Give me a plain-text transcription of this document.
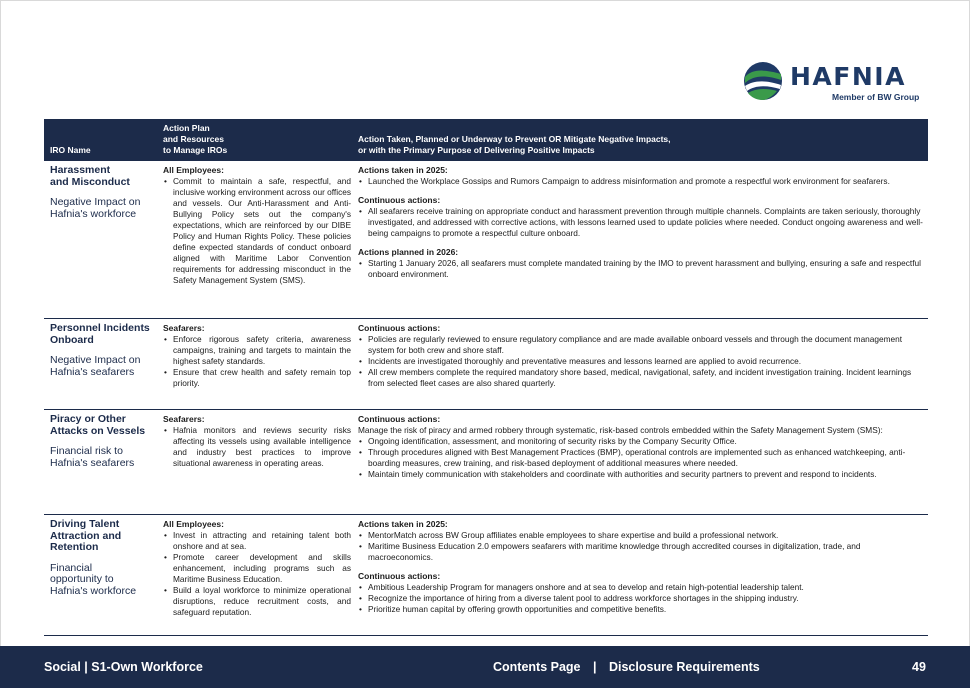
HAFNIA
Member of BW Group
IRO Name
Action Plan
and Resources
to Manage IROs
Action Taken, Planned or Underway to Prevent OR Mitigate Negative Impacts,
or with the Primary Purpose of Delivering Positive Impacts
Harassment
and Misconduct
Negative Impact on
Hafnia's workforce
All Employees:
• Commit to maintain a safe, respectful, and inclusive working environment across our offices and vessels. Our Anti-Harassment and Anti-Bullying Policy sets out the company's expectations, which are reinforced by our DIBE Policy and Human Rights Policy. These policies define expected standards of conduct onboard aligned with Maritime Labor Convention requirements for addressing misconduct in the Safety Management System (SMS).
Actions taken in 2025:
• Launched the Workplace Gossips and Rumors Campaign to address misinformation and promote a respectful work environment for seafarers.
Continuous actions:
• All seafarers receive training on appropriate conduct and harassment prevention through multiple channels. Complaints are taken seriously, thoroughly investigated, and addressed with corrective actions, with lessons learned used to update policies where needed. Conduct ongoing awareness and well-being campaigns to promote a respectful culture onboard.
Actions planned in 2026:
• Starting 1 January 2026, all seafarers must complete mandated training by the IMO to prevent harassment and bullying, ensuring a safe and respectful onboard environment.
Personnel Incidents
Onboard
Negative Impact on
Hafnia's seafarers
Seafarers:
• Enforce rigorous safety criteria, awareness campaigns, training and targets to maintain the highest safety standards.
• Ensure that crew health and safety remain top priority.
Continuous actions:
• Policies are regularly reviewed to ensure regulatory compliance and are made available onboard vessels and through the document management system for both crew and shore staff.
• Incidents are investigated thoroughly and preventative measures and lessons learned are applied to avoid recurrence.
• All crew members complete the required mandatory shore based, medical, navigational, safety, and incident investigation training. Incident learnings from selected fleet cases are also shared quarterly.
Piracy or Other
Attacks on Vessels
Financial risk to
Hafnia's seafarers
Seafarers:
• Hafnia monitors and reviews security risks affecting its vessels using available intelligence and industry best practices to improve situational awareness in operating areas.
Continuous actions:
Manage the risk of piracy and armed robbery through systematic, risk-based controls embedded within the Safety Management System (SMS):
• Ongoing identification, assessment, and monitoring of security risks by the Company Security Office.
• Through procedures aligned with Best Management Practices (BMP), operational controls are implemented such as enhanced watchkeeping, anti-boarding measures, crew training, and risk-based deployment of additional measures where needed.
• Maintain timely communication with stakeholders and coordinate with authorities and security partners to prevent and respond to incidents.
Driving Talent
Attraction and
Retention
Financial
opportunity to
Hafnia's workforce
All Employees:
• Invest in attracting and retaining talent both onshore and at sea.
• Promote career development and skills enhancement, including programs such as Maritime Business Education.
• Build a loyal workforce to minimize operational disruptions, reduce recruitment costs, and safeguard reputation.
Actions taken in 2025:
• MentorMatch across BW Group affiliates enable employees to share expertise and build a professional network.
• Maritime Business Education 2.0 empowers seafarers with maritime knowledge through accredited courses in digitalization, trade, and macroeconomics.
Continuous actions:
• Ambitious Leadership Program for managers onshore and at sea to develop and retain high-potential leadership talent.
• Recognize the importance of hiring from a diverse talent pool to address workforce shortages in the shipping industry.
• Prioritize human capital by offering growth opportunities and competitive benefits.
Social | S1-Own Workforce	Contents Page | Disclosure Requirements	49
